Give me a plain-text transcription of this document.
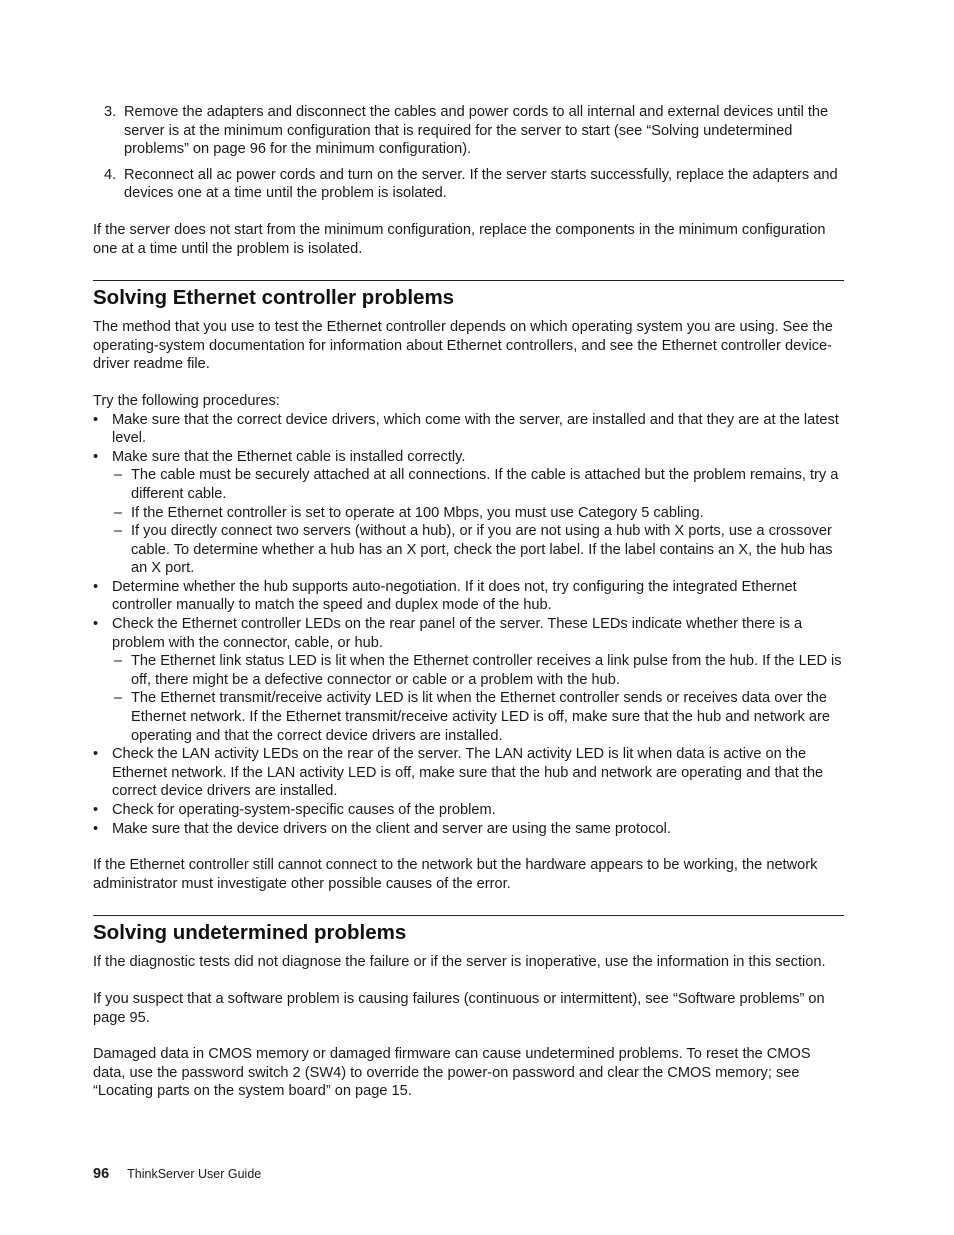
3. Remove the adapters and disconnect the cables and power cords to all internal and external devices until the server is at the minimum configuration that is required for the server to start (see “Solving undetermined problems” on page 96 for the minimum configuration).
4. Reconnect all ac power cords and turn on the server. If the server starts successfully, replace the adapters and devices one at a time until the problem is isolated.

If the server does not start from the minimum configuration, replace the components in the minimum configuration one at a time until the problem is isolated.

Solving Ethernet controller problems

The method that you use to test the Ethernet controller depends on which operating system you are using. See the operating-system documentation for information about Ethernet controllers, and see the Ethernet controller device-driver readme file.

Try the following procedures:

• Make sure that the correct device drivers, which come with the server, are installed and that they are at the latest level.
• Make sure that the Ethernet cable is installed correctly.
– The cable must be securely attached at all connections. If the cable is attached but the problem remains, try a different cable.
– If the Ethernet controller is set to operate at 100 Mbps, you must use Category 5 cabling.
– If you directly connect two servers (without a hub), or if you are not using a hub with X ports, use a crossover cable. To determine whether a hub has an X port, check the port label. If the label contains an X, the hub has an X port.
• Determine whether the hub supports auto-negotiation. If it does not, try configuring the integrated Ethernet controller manually to match the speed and duplex mode of the hub.
• Check the Ethernet controller LEDs on the rear panel of the server. These LEDs indicate whether there is a problem with the connector, cable, or hub.
– The Ethernet link status LED is lit when the Ethernet controller receives a link pulse from the hub. If the LED is off, there might be a defective connector or cable or a problem with the hub.
– The Ethernet transmit/receive activity LED is lit when the Ethernet controller sends or receives data over the Ethernet network. If the Ethernet transmit/receive activity LED is off, make sure that the hub and network are operating and that the correct device drivers are installed.
• Check the LAN activity LEDs on the rear of the server. The LAN activity LED is lit when data is active on the Ethernet network. If the LAN activity LED is off, make sure that the hub and network are operating and that the correct device drivers are installed.
• Check for operating-system-specific causes of the problem.
• Make sure that the device drivers on the client and server are using the same protocol.

If the Ethernet controller still cannot connect to the network but the hardware appears to be working, the network administrator must investigate other possible causes of the error.

Solving undetermined problems

If the diagnostic tests did not diagnose the failure or if the server is inoperative, use the information in this section.

If you suspect that a software problem is causing failures (continuous or intermittent), see “Software problems” on page 95.

Damaged data in CMOS memory or damaged firmware can cause undetermined problems. To reset the CMOS data, use the password switch 2 (SW4) to override the power-on password and clear the CMOS memory; see “Locating parts on the system board” on page 15.

96 ThinkServer User Guide
